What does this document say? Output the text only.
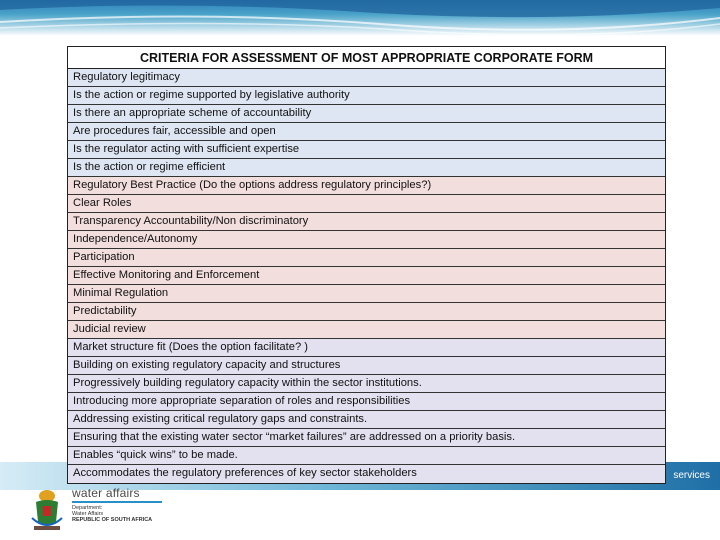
services
water affairs
Department:
Water Affairs
REPUBLIC OF SOUTH AFRICA
CRITERIA FOR ASSESSMENT OF MOST APPROPRIATE CORPORATE FORM
Regulatory legitimacy
Is the action or regime supported by legislative authority
Is there an appropriate scheme of accountability
Are procedures fair, accessible and open
Is the regulator acting with sufficient expertise
Is the action or regime efficient
Regulatory Best Practice (Do the options address regulatory principles?)
Clear Roles
Transparency Accountability/Non discriminatory
Independence/Autonomy
Participation
Effective Monitoring and Enforcement
Minimal Regulation
Predictability
Judicial review
Market structure fit (Does the option facilitate? )
Building on existing regulatory capacity and structures
Progressively building regulatory capacity within the sector institutions.
Introducing more appropriate separation of roles and responsibilities
Addressing existing critical regulatory gaps and constraints.
Ensuring that the existing water sector “market failures” are addressed on a priority basis.
Enables “quick wins” to be made.
Accommodates the regulatory preferences of key sector stakeholders
